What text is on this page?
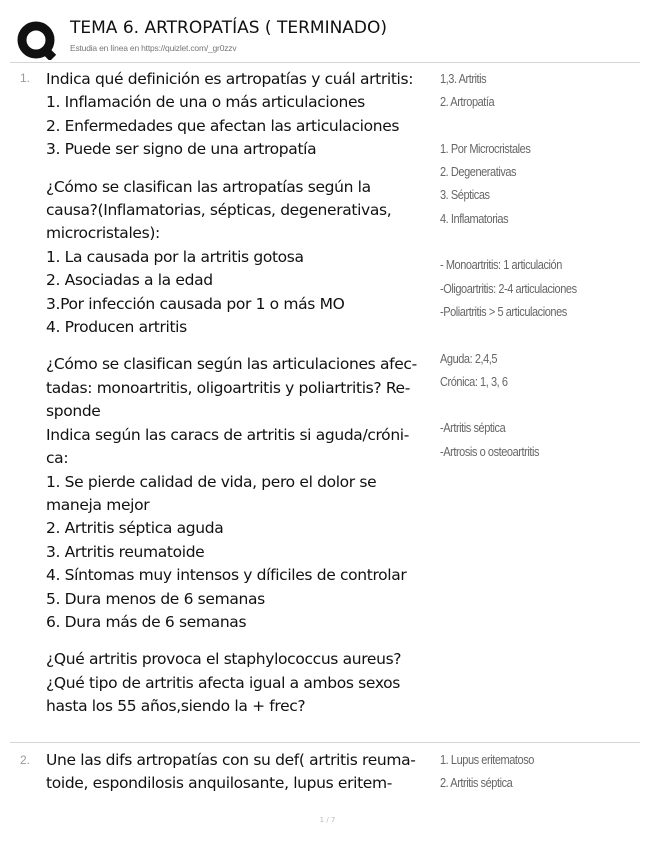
TEMA 6. ARTROPATÍAS ( TERMINADO)
Estudia en línea en https://quizlet.com/_gr0zzv
1. Indica qué definición es artropatías y cuál artritis:
1. Inflamación de una o más articulaciones
2. Enfermedades que afectan las articulaciones
3. Puede ser signo de una artropatía
¿Cómo se clasifican las artropatías según la
causa?(Inflamatorias, sépticas, degenerativas,
microcristales):
1. La causada por la artritis gotosa
2. Asociadas a la edad
3.Por infección causada por 1 o más MO
4. Producen artritis
¿Cómo se clasifican según las articulaciones afec-
tadas: monoartritis, oligoartritis y poliartritis? Re-
sponde
Indica según las caracs de artritis si aguda/cróni-
ca:
1. Se pierde calidad de vida, pero el dolor se
maneja mejor
2. Artritis séptica aguda
3. Artritis reumatoide
4. Síntomas muy intensos y díficiles de controlar
5. Dura menos de 6 semanas
6. Dura más de 6 semanas
¿Qué artritis provoca el staphylococcus aureus?
¿Qué tipo de artritis afecta igual a ambos sexos
hasta los 55 años,siendo la + frec?
1,3. Artritis
2. Artropatía

1. Por Microcristales
2. Degenerativas
3. Sépticas
4. Inflamatorias

- Monoartritis: 1 articulación
-Oligoartritis: 2-4 articulaciones
-Poliartritis > 5 articulaciones

Aguda: 2,4,5
Crónica: 1, 3, 6

-Artritis séptica
-Artrosis o osteoartritis
2. Une las difs artropatías con su def( artritis reuma-
toide, espondilosis anquilosante, lupus eritem-
1. Lupus eritematoso
2. Artritis séptica
1 / 7
